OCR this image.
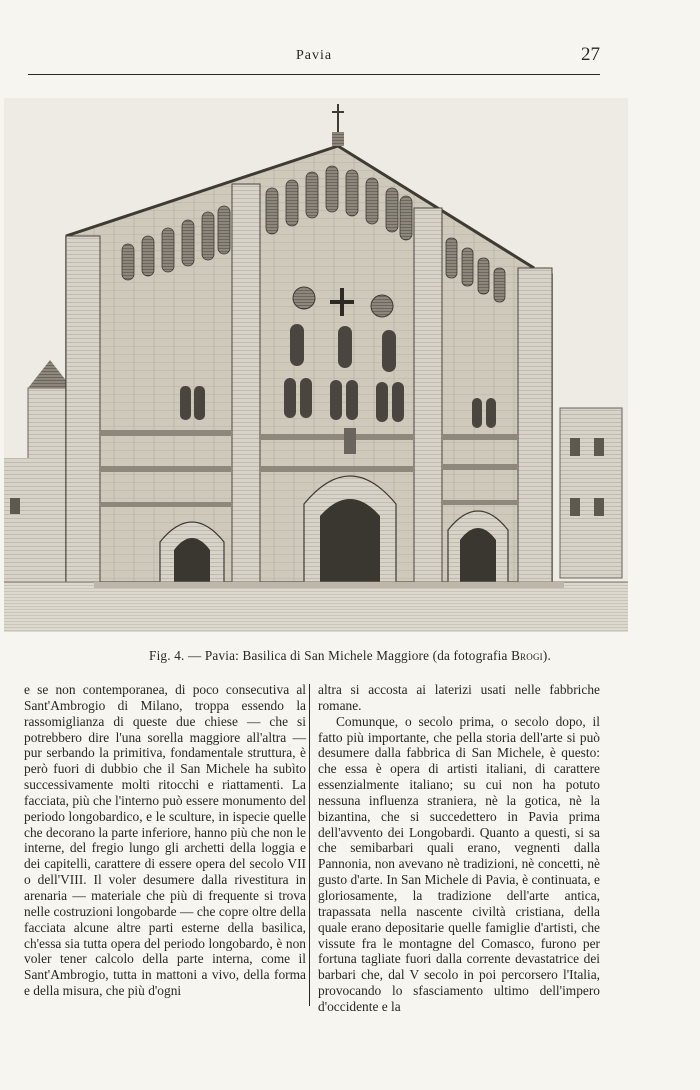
Pavia	27
Fig. 4. — Pavia: Basilica di San Michele Maggiore (da fotografia Brogi).

e se non contemporanea, di poco consecutiva al Sant'Ambrogio di Milano, troppa essendo la rassomiglianza di queste due chiese — che si potrebbero dire l'una sorella maggiore all'altra — pur serbando la primitiva, fondamentale struttura, è però fuori di dubbio che il San Michele ha subìto successivamente molti ritocchi e riattamenti. La facciata, più che l'interno può essere monumento del periodo longobardico, e le sculture, in ispecie quelle che decorano la parte inferiore, hanno più che non le interne, del fregio lungo gli archetti della loggia e dei capitelli, carattere di essere opera del secolo VII o dell'VIII. Il voler desumere dalla rivestitura in arenaria — materiale che più di frequente si trova nelle costruzioni longobarde — che copre oltre della facciata alcune altre parti esterne della basilica, ch'essa sia tutta opera del periodo longobardo, è non voler tener calcolo della parte interna, come il Sant'Ambrogio, tutta in mattoni a vivo, della forma e della misura, che più d'ogni

altra si accosta ai laterizi usati nelle fabbriche romane.

Comunque, o secolo prima, o secolo dopo, il fatto più importante, che pella storia dell'arte si può desumere dalla fabbrica di San Michele, è questo: che essa è opera di artisti italiani, di carattere essenzialmente italiano; su cui non ha potuto nessuna influenza straniera, nè la gotica, nè la bizantina, che si succedettero in Pavia prima dell'avvento dei Longobardi. Quanto a questi, si sa che semibarbari quali erano, vegnenti dalla Pannonia, non avevano nè tradizioni, nè concetti, nè gusto d'arte. In San Michele di Pavia, è continuata, e gloriosamente, la tradizione dell'arte antica, trapassata nella nascente civiltà cristiana, della quale erano depositarie quelle famiglie d'artisti, che vissute fra le montagne del Comasco, furono per fortuna tagliate fuori dalla corrente devastatrice dei barbari che, dal V secolo in poi percorsero l'Italia, provocando lo sfasciamento ultimo dell'impero d'occidente e la
